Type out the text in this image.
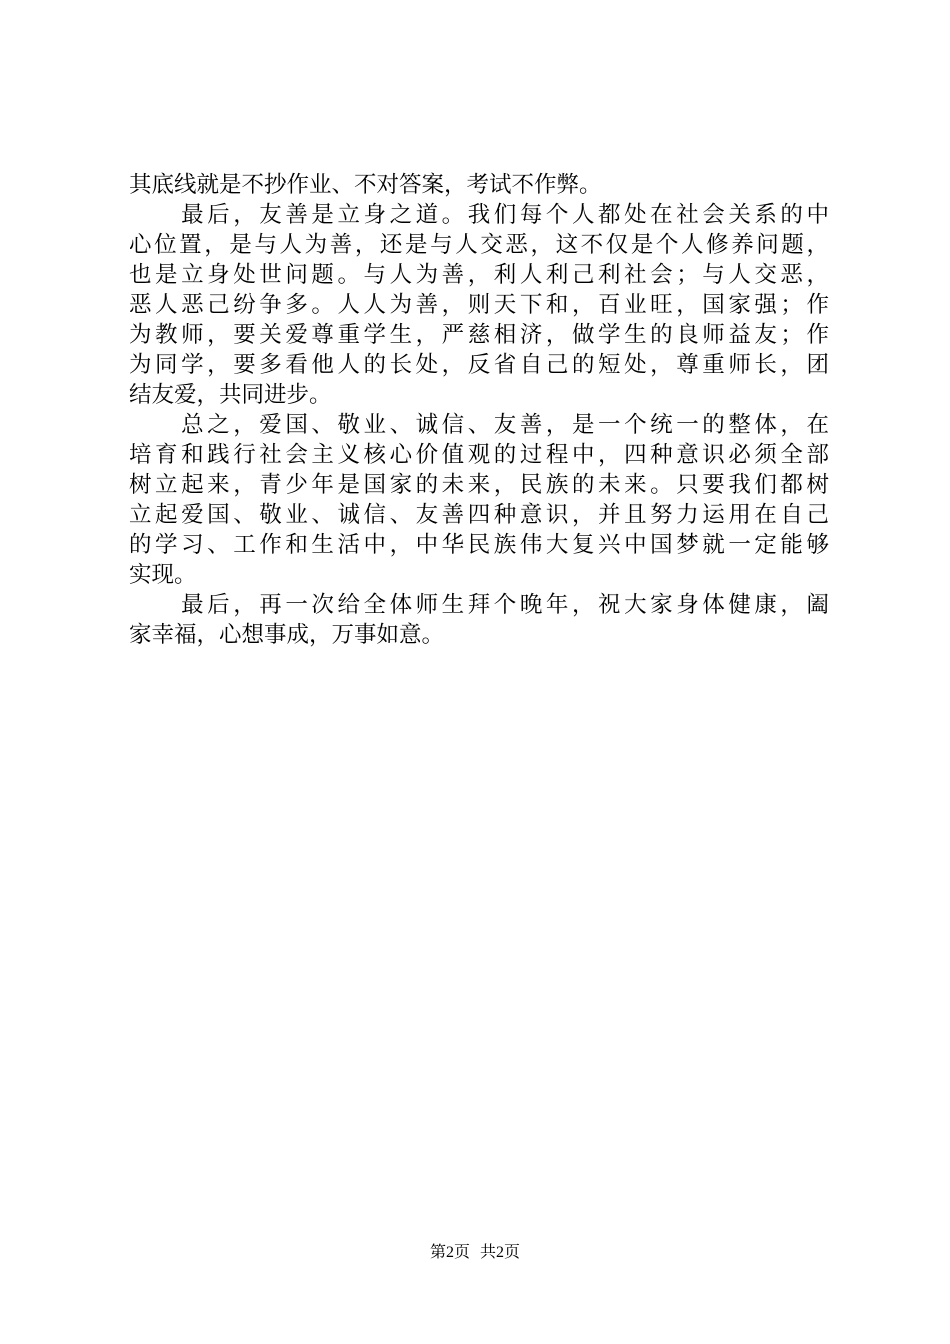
其底线就是不抄作业、不对答案，考试不作弊。
　　最后，友善是立身之道。我们每个人都处在社会关系的中
心位置，是与人为善，还是与人交恶，这不仅是个人修养问题，
也是立身处世问题。与人为善，利人利己利社会；与人交恶，
恶人恶己纷争多。人人为善，则天下和，百业旺，国家强；作
为教师，要关爱尊重学生，严慈相济，做学生的良师益友；作
为同学，要多看他人的长处，反省自己的短处，尊重师长，团
结友爱，共同进步。
　　总之，爱国、敬业、诚信、友善，是一个统一的整体，在
培育和践行社会主义核心价值观的过程中，四种意识必须全部
树立起来，青少年是国家的未来，民族的未来。只要我们都树
立起爱国、敬业、诚信、友善四种意识，并且努力运用在自己
的学习、工作和生活中，中华民族伟大复兴中国梦就一定能够
实现。
　　最后，再一次给全体师生拜个晚年，祝大家身体健康，阖
家幸福，心想事成，万事如意。
第2页 共2页
